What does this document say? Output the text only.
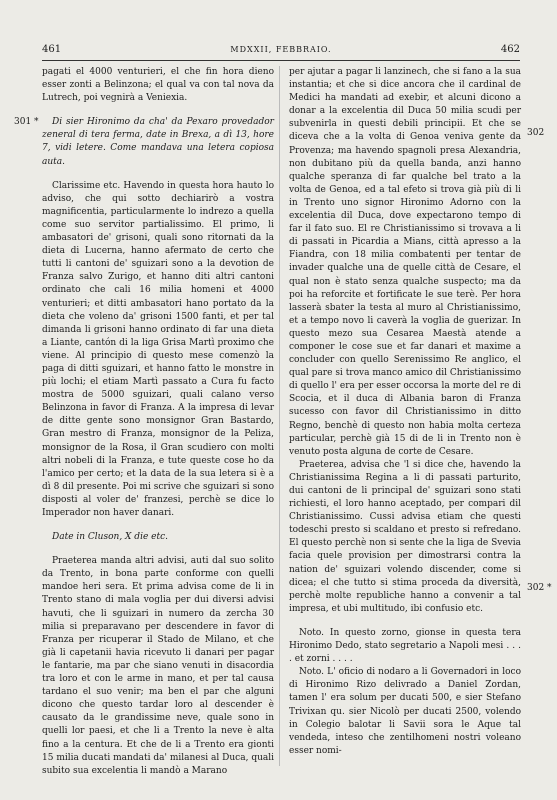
461	MDXXII, FEBBRAIO.	462
301 *
302
302 *

pagati el 4000 venturieri, el che fin hora dieno esser zonti a Belinzona; el qual va con tal nova da Lutrech, poi vegnirà a Veniexia.

Di sier Hironimo da cha' da Pexaro provedador zeneral di tera ferma, date in Brexa, a dì 13, hore 7, vidi letere. Come mandava una letera copiosa auta.

Clarissime etc. Havendo in questa hora hauto lo adviso, che qui sotto dechiarirò a vostra magnificentia, particularmente lo indrezo a quella come suo servitor partialissimo. El primo, li ambasatori de' grisoni, quali sono ritornati da la dieta di Lucerna, hanno afermato de certo che tutti li cantoni de' sguizari sono a la devotion de Franza salvo Zurigo, et hanno diti altri cantoni ordinato che cali 16 milia homeni et 4000 venturieri; et ditti ambasatori hano portato da la dieta che voleno da' grisoni 1500 fanti, et per tal dimanda li grisoni hanno ordinato di far una dieta a Liante, cantón di la liga Grisa Martì proximo che viene. Al principio di questo mese comenzò la paga di ditti sguizari, et hanno fatto le monstre in più lochi; el etiam Martì passato a Cura fu facto mostra de 5000 sguizari, quali calano verso Belinzona in favor di Franza. A la impresa di levar de ditte gente sono monsignor Gran Bastardo, Gran mestro di Franza, monsignor de la Peliza, monsignor de la Rosa, il Gran scudiero con molti altri nobeli di la Franza, e tute queste cose ho da l'amico per certo; et la data de la sua letera si è a dì 8 dil presente. Poi mi scrive che sguizari si sono disposti al voler de' franzesi, perchè se dice lo Imperador non haver danari.

Date in Cluson, X die etc.

Praeterea manda altri advisi, auti dal suo solito da Trento, in bona parte conforme con quelli mandoe heri sera. Et prima advisa come de li in Trento stano di mala voglia per dui diversi advisi havuti, che li sguizari in numero da zercha 30 milia si preparavano per descendere in favor di Franza per ricuperar il Stado de Milano, et che già li capetanii havia ricevuto li danari per pagar le fantarie, ma par che siano venuti in disacordia tra loro et con le arme in mano, et per tal causa tardano el suo venir; ma ben el par che alguni dicono che questo tardar loro al descender è causato da le grandissime neve, quale sono in quelli lor paesi, et che li a Trento la neve è alta fino a la centura. Et che de li a Trento era gionti 15 milia ducati mandati da' milanesi al Duca, quali subito sua excelentia li mandò a Marano

per ajutar a pagar li lanzinech, che si fano a la sua instantia; et che si dice ancora che il cardinal de Medici ha mandati ad exebir, et alcuni dicono a donar a la excelentia dil Duca 50 milia scudi per subvenirla in questi debili principii. Et che se diceva che a la volta di Genoa veniva gente da Provenza; ma havendo spagnoli presa Alexandria, non dubitano più da quella banda, anzi hanno qualche speranza di far qualche bel trato a la volta de Genoa, ed a tal efeto si trova già più di li in Trento uno signor Hironimo Adorno con la excelentia dil Duca, dove expectarono tempo di far il fato suo. El re Christianissimo si trovava a li di passati in Picardia a Mians, città apresso a la Fiandra, con 18 milia combatenti per tentar de invader qualche una de quelle città de Cesare, el qual non è stato senza qualche suspecto; ma da poi ha reforcite et fortificate le sue terè. Per hora lasserà sbater la testa al muro al Christianissimo, et a tempo novo li caverà la voglia de guerizar. In questo mezo sua Cesarea Maestà atende a componer le cose sue et far danari et maxime a concluder con quello Serenissimo Re anglico, el qual pare si trova manco amico dil Christianissimo di quello l' era per esser occorsa la morte del re di Scocia, et il duca di Albania baron di Franza sucesso con favor dil Christianissimo in ditto Regno, benchè di questo non habia molta certeza particular, perchè già 15 di de li in Trento non è venuto posta alguna de corte de Cesare.

Praeterea, advisa che 'l si dice che, havendo la Christianissima Regina a li di passati parturito, dui cantoni de li principal de' sguizari sono stati richiesti, el loro hanno aceptado, per compari dil Christianissimo. Cussi advisa etiam che questi todeschi presto si scaldano et presto si refredano. El questo perchè non si sente che la liga de Svevia facia quele provision per dimostrarsi contra la nation de' sguizari volendo discender, come si dicea; el che tutto si stima proceda da diversità, perchè molte republiche hanno a convenir a tal impresa, et ubi multitudo, ibi confusio etc.

Noto. In questo zorno, gionse in questa tera Hironimo Dedo, stato segretario a Napoli mesi . . . . et zorni . . . .

Noto. L' oficio di nodaro a li Governadori in loco di Hironimo Rizo delivrado a Daniel Zordan, tamen l' era solum per ducati 500, e sier Stefano Trivixan qu. sier Nicolò per ducati 2500, volendo in Colegio balotar li Savii sora le Aque tal vendeda, inteso che zentilhomeni nostri voleano esser nomi-
